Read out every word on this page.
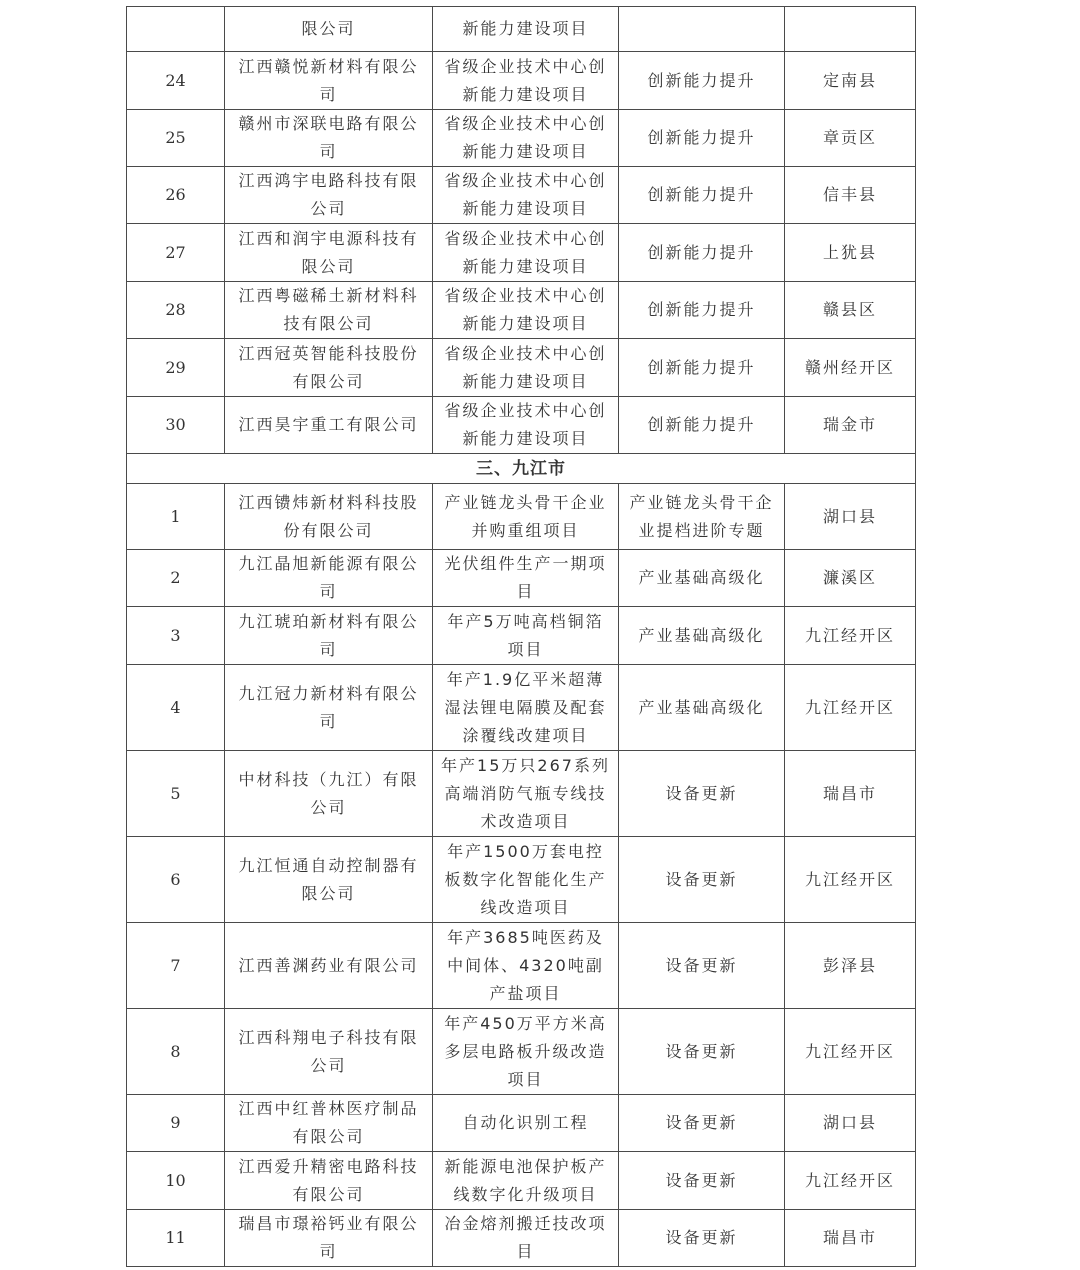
	限公司	新能力建设项目		
24	江西赣悦新材料有限公司	省级企业技术中心创新能力建设项目	创新能力提升	定南县
25	赣州市深联电路有限公司	省级企业技术中心创新能力建设项目	创新能力提升	章贡区
26	江西鸿宇电路科技有限公司	省级企业技术中心创新能力建设项目	创新能力提升	信丰县
27	江西和润宇电源科技有限公司	省级企业技术中心创新能力建设项目	创新能力提升	上犹县
28	江西粤磁稀土新材料科技有限公司	省级企业技术中心创新能力建设项目	创新能力提升	赣县区
29	江西冠英智能科技股份有限公司	省级企业技术中心创新能力建设项目	创新能力提升	赣州经开区
30	江西昊宇重工有限公司	省级企业技术中心创新能力建设项目	创新能力提升	瑞金市
三、九江市				
1	江西镄炜新材料科技股份有限公司	产业链龙头骨干企业并购重组项目	产业链龙头骨干企业提档进阶专题	湖口县
2	九江晶旭新能源有限公司	光伏组件生产一期项目	产业基础高级化	濂溪区
3	九江琥珀新材料有限公司	年产5万吨高档铜箔项目	产业基础高级化	九江经开区
4	九江冠力新材料有限公司	年产1.9亿平米超薄湿法锂电隔膜及配套涂覆线改建项目	产业基础高级化	九江经开区
5	中材科技（九江）有限公司	年产15万只267系列高端消防气瓶专线技术改造项目	设备更新	瑞昌市
6	九江恒通自动控制器有限公司	年产1500万套电控板数字化智能化生产线改造项目	设备更新	九江经开区
7	江西善渊药业有限公司	年产3685吨医药及中间体、4320吨副产盐项目	设备更新	彭泽县
8	江西科翔电子科技有限公司	年产450万平方米高多层电路板升级改造项目	设备更新	九江经开区
9	江西中红普林医疗制品有限公司	自动化识别工程	设备更新	湖口县
10	江西爱升精密电路科技有限公司	新能源电池保护板产线数字化升级项目	设备更新	九江经开区
11	瑞昌市璟裕钙业有限公司	冶金熔剂搬迁技改项目	设备更新	瑞昌市
